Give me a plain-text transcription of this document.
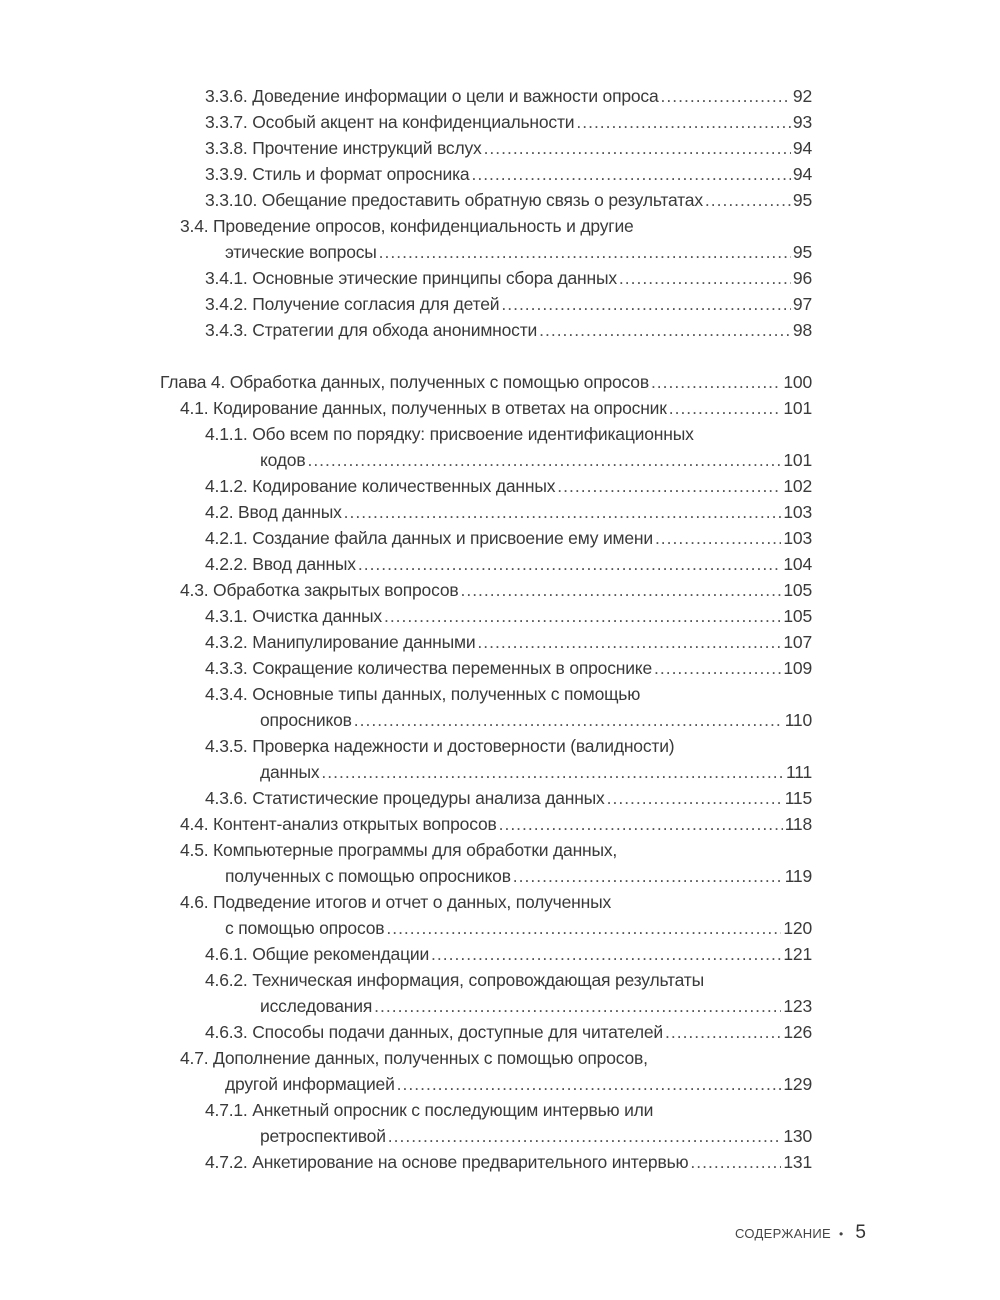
3.3.6. Доведение информации о цели и важности опроса .....	92
3.3.7. Особый акцент на конфиденциальности .....	93
3.3.8. Прочтение инструкций вслух .....	94
3.3.9. Стиль и формат опросника .....	94
3.3.10. Обещание предоставить обратную связь о результатах .....	95
3.4. Проведение опросов, конфиденциальность и другие
этические вопросы .....	95
3.4.1. Основные этические принципы сбора данных .....	96
3.4.2. Получение согласия для детей .....	97
3.4.3. Стратегии для обхода анонимности .....	98
Глава 4. Обработка данных, полученных с помощью опросов .....	100
4.1. Кодирование данных, полученных в ответах на опросник .....	101
4.1.1. Обо всем по порядку: присвоение идентификационных
кодов .....	101
4.1.2. Кодирование количественных данных .....	102
4.2. Ввод данных .....	103
4.2.1. Создание файла данных и присвоение ему имени .....	103
4.2.2. Ввод данных .....	104
4.3. Обработка закрытых вопросов .....	105
4.3.1. Очистка данных .....	105
4.3.2. Манипулирование данными .....	107
4.3.3. Сокращение количества переменных в опроснике .....	109
4.3.4. Основные типы данных, полученных с помощью
опросников .....	110
4.3.5. Проверка надежности и достоверности (валидности)
данных .....	111
4.3.6. Статистические процедуры анализа данных .....	115
4.4. Контент-анализ открытых вопросов .....	118
4.5. Компьютерные программы для обработки данных,
полученных с помощью опросников .....	119
4.6. Подведение итогов и отчет о данных, полученных
с помощью опросов .....	120
4.6.1. Общие рекомендации .....	121
4.6.2. Техническая информация, сопровождающая результаты
исследования .....	123
4.6.3. Способы подачи данных, доступные для читателей .....	126
4.7. Дополнение данных, полученных с помощью опросов,
другой информацией .....	129
4.7.1. Анкетный опросник с последующим интервью или
ретроспективой .....	130
4.7.2. Анкетирование на основе предварительного интервью .....	131
СОДЕРЖАНИЕ • 5
